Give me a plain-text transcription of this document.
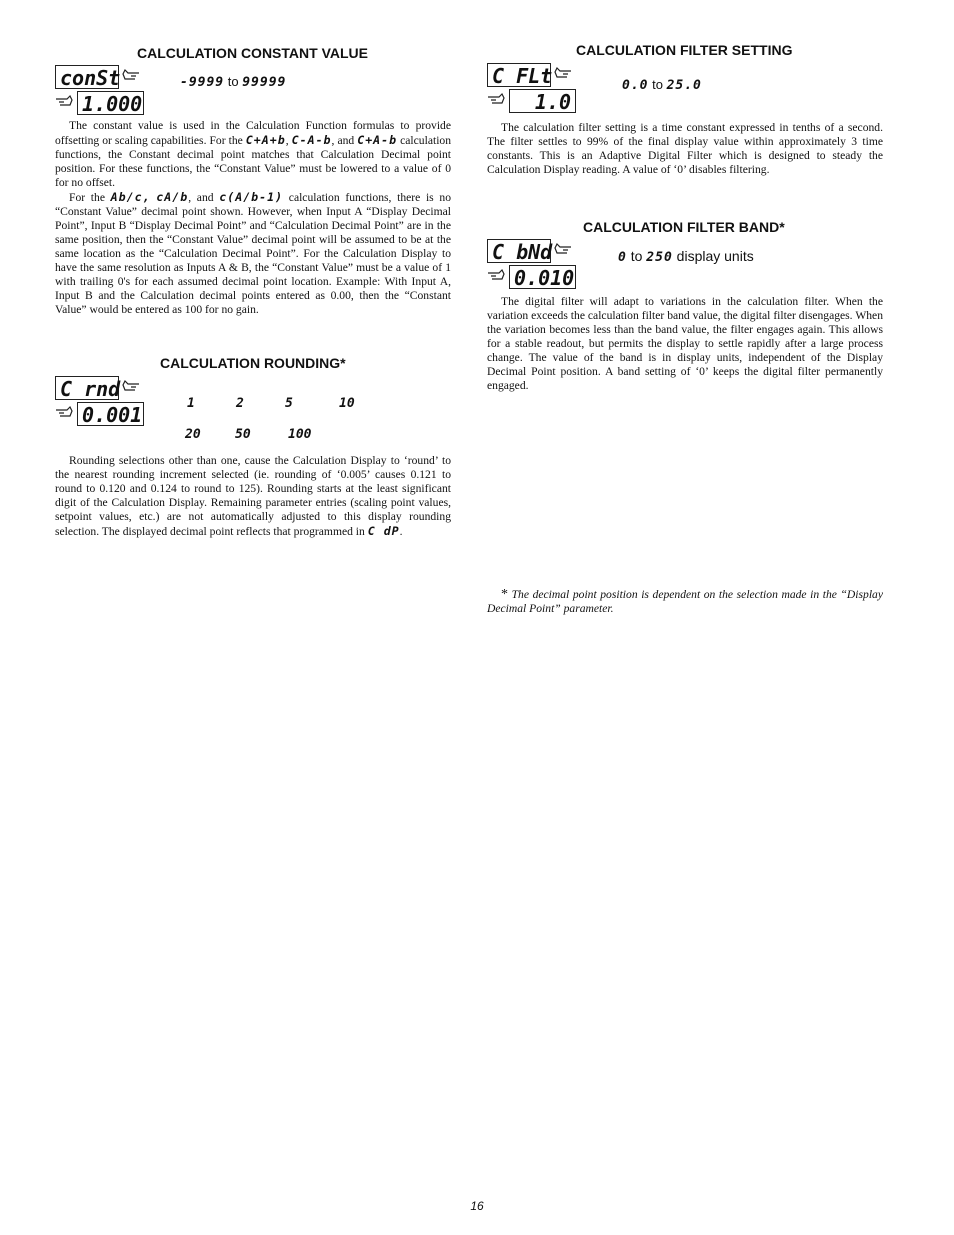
CALCULATION CONSTANT VALUE
conSt
1.000
-9999 to 99999

The constant value is used in the Calculation Function formulas to provide offsetting or scaling capabilities. For the C+A+b, C-A-b, and C+A-b calculation functions, the Constant decimal point matches that Calculation Decimal point position. For these functions, the “Constant Value” must be lowered to a value of 0 for no offset.

For the Ab/c, cA/b, and c(A/b-1) calculation functions, there is no “Constant Value” decimal point shown. However, when Input A “Display Decimal Point”, Input B “Display Decimal Point” and “Calculation Decimal Point” are in the same position, then the “Constant Value” decimal point will be assumed to be at the same location as the “Calculation Decimal Point”. For the Calculation Display to have the same resolution as Inputs A & B, the “Constant Value” must be a value of 1 with trailing 0's for each assumed decimal point location. Example: With Input A, Input B and the Calculation decimal points entered as 0.00, then the “Constant Value” would be entered as 100 for no gain.

CALCULATION ROUNDING*
C rnd
0.001	1	2	5	10
20	50	100

Rounding selections other than one, cause the Calculation Display to ‘round’ to the nearest rounding increment selected (ie. rounding of ‘0.005’ causes 0.121 to round to 0.120 and 0.124 to round to 125). Rounding starts at the least significant digit of the Calculation Display. Remaining parameter entries (scaling point values, setpoint values, etc.) are not automatically adjusted to this display rounding selection. The displayed decimal point reflects that programmed in C dP.

CALCULATION FILTER SETTING
C FLt
1.0
0.0 to 25.0

The calculation filter setting is a time constant expressed in tenths of a second. The filter settles to 99% of the final display value within approximately 3 time constants. This is an Adaptive Digital Filter which is designed to steady the Calculation Display reading. A value of ‘0’ disables filtering.

CALCULATION FILTER BAND*
C bNd
0.010
0 to 250 display units

The digital filter will adapt to variations in the calculation filter. When the variation exceeds the calculation filter band value, the digital filter disengages. When the variation becomes less than the band value, the filter engages again. This allows for a stable readout, but permits the display to settle rapidly after a large process change. The value of the band is in display units, independent of the Display Decimal Point position. A band setting of ‘0’ keeps the digital filter permanently engaged.

* The decimal point position is dependent on the selection made in the “Display Decimal Point” parameter.
16
